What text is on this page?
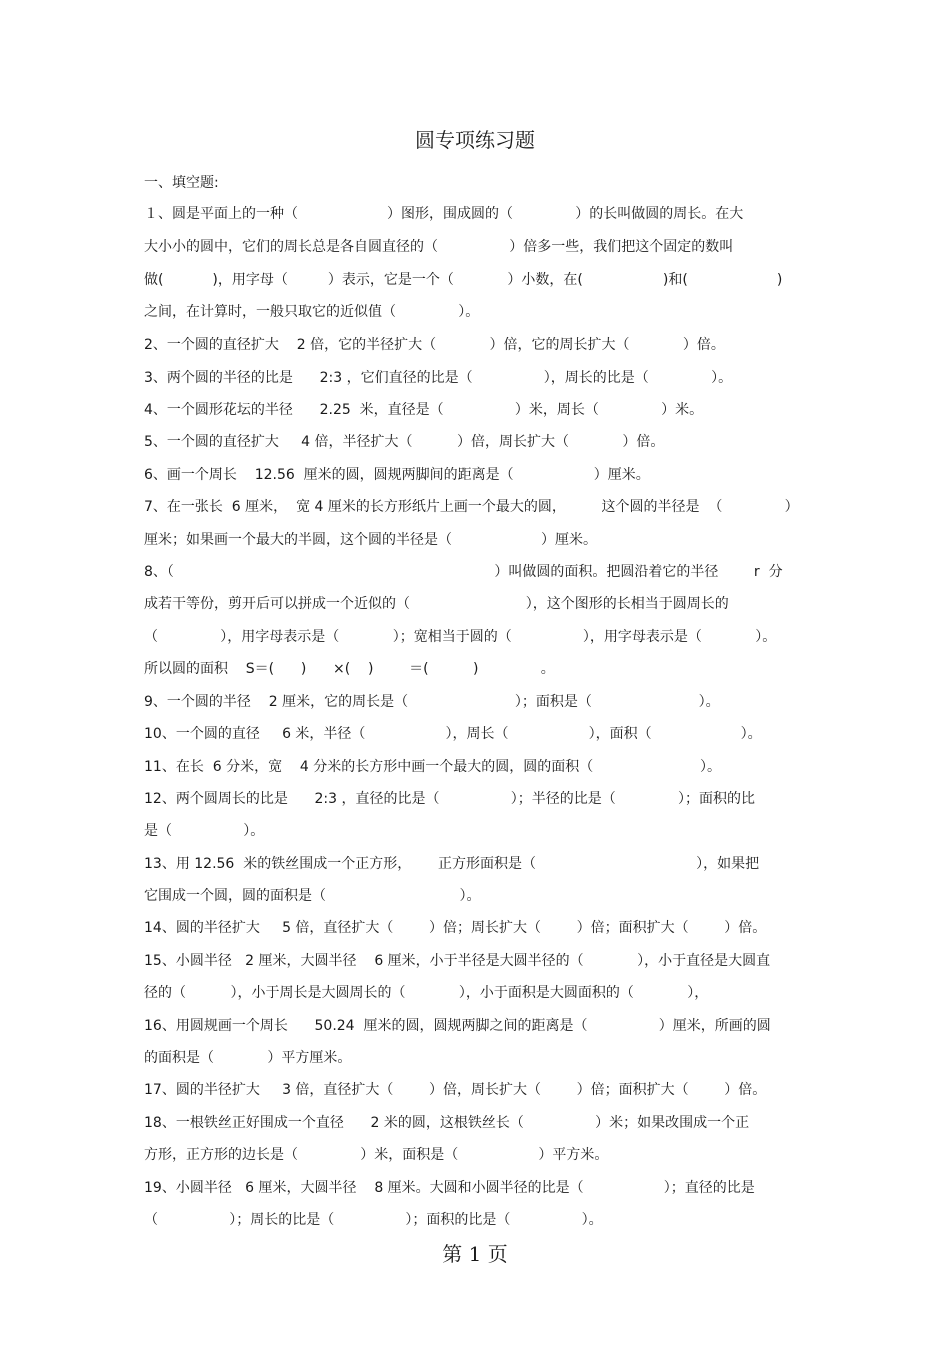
圆专项练习题
一、填空题:
１、圆是平面上的一种（                    ）图形，围成圆的（              ）的长叫做圆的周长。在大
大小小的圆中，它们的周长总是各自圆直径的（                ）倍多一些，我们把这个固定的数叫
做(           )，用字母（         ）表示，它是一个（            ）小数，在(                  )和(                    )
之间，在计算时，一般只取它的近似值（              ）。
2、一个圆的直径扩大    2 倍，它的半径扩大（            ）倍，它的周长扩大（            ）倍。
3、两个圆的半径的比是      2:3 ，它们直径的比是（                ），周长的比是（              ）。
4、一个圆形花坛的半径      2.25  米，直径是（                ）米，周长（              ）米。
5、一个圆的直径扩大     4 倍，半径扩大（          ）倍，周长扩大（            ）倍。
6、画一个周长    12.56  厘米的圆，圆规两脚间的距离是（                  ）厘米。
7、在一张长  6 厘米，  宽 4 厘米的长方形纸片上画一个最大的圆，        这个圆的半径是  （              ）
厘米；如果画一个最大的半圆，这个圆的半径是（                    ）厘米。
8、（                                                                        ）叫做圆的面积。把圆沿着它的半径        r  分
成若干等份，剪开后可以拼成一个近似的（                          ），这个图形的长相当于圆周长的
（              ），用字母表示是（            ）；宽相当于圆的（                ），用字母表示是（            ）。
所以圆的面积    S＝(      )      ×(    )        ＝(          )              。
9、一个圆的半径    2 厘米，它的周长是（                        ）；面积是（                        ）。
10、一个圆的直径     6 米，半径（                  ），周长（                  ），面积（                    ）。
11、在长  6 分米，宽    4 分米的长方形中画一个最大的圆，圆的面积（                        ）。
12、两个圆周长的比是      2:3 ，直径的比是（                ）；半径的比是（              ）；面积的比
是（                ）。
13、用 12.56  米的铁丝围成一个正方形，      正方形面积是（                                    ），如果把
它围成一个圆，圆的面积是（                              ）。
14、圆的半径扩大     5 倍，直径扩大（        ）倍；周长扩大（        ）倍；面积扩大（        ）倍。
15、小圆半径   2 厘米，大圆半径    6 厘米，小于半径是大圆半径的（            ），小于直径是大圆直
径的（          ），小于周长是大圆周长的（            ），小于面积是大圆面积的（            ），
16、用圆规画一个周长      50.24  厘米的圆，圆规两脚之间的距离是（                ）厘米，所画的圆
的面积是（            ）平方厘米。
17、圆的半径扩大     3 倍，直径扩大（        ）倍，周长扩大（        ）倍；面积扩大（        ）倍。
18、一根铁丝正好围成一个直径      2 米的圆，这根铁丝长（                ）米；如果改围成一个正
方形，正方形的边长是（              ）米，面积是（                  ）平方米。
19、小圆半径   6 厘米，大圆半径    8 厘米。大圆和小圆半径的比是（                  ）；直径的比是
（                ）；周长的比是（                ）；面积的比是（                ）。
第 1 页
